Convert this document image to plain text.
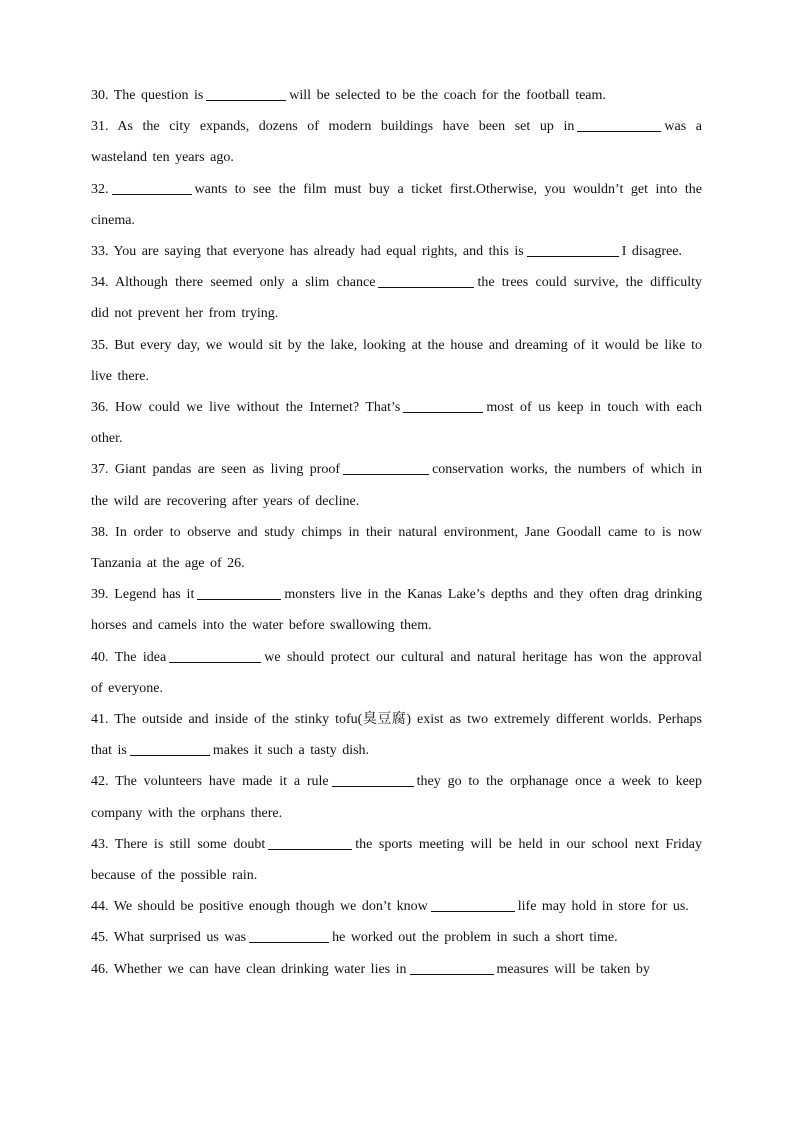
30. The question is	will be selected to be the coach for the football team.

31. As the city expands, dozens of modern buildings have been set up in	was a wasteland ten years ago.

32.	wants to see the film must buy a ticket first.Otherwise, you wouldn’t get into the cinema.

33. You are saying that everyone has already had equal rights, and this is	I disagree.

34. Although there seemed only a slim chance	the trees could survive, the difficulty did not prevent her from trying.

35. But every day, we would sit by the lake, looking at the house and dreaming of it would be like to live there.

36. How could we live without the Internet? That’s	most of us keep in touch with each other.

37. Giant pandas are seen as living proof	conservation works, the numbers of which in the wild are recovering after years of decline.

38. In order to observe and study chimps in their natural environment, Jane Goodall came to is now Tanzania at the age of 26.

39. Legend has it	monsters live in the Kanas Lake’s depths and they often drag drinking horses and camels into the water before swallowing them.

40. The idea	we should protect our cultural and natural heritage has won the approval of everyone.

41. The outside and inside of the stinky tofu(臭豆腐) exist as two extremely different worlds. Perhaps that is	makes it such a tasty dish.

42. The volunteers have made it a rule	they go to the orphanage once a week to keep company with the orphans there.

43. There is still some doubt	the sports meeting will be held in our school next Friday because of the possible rain.

44. We should be positive enough though we don’t know	life may hold in store for us.

45. What surprised us was	he worked out the problem in such a short time.

46. Whether we can have clean drinking water lies in	measures will be taken by
